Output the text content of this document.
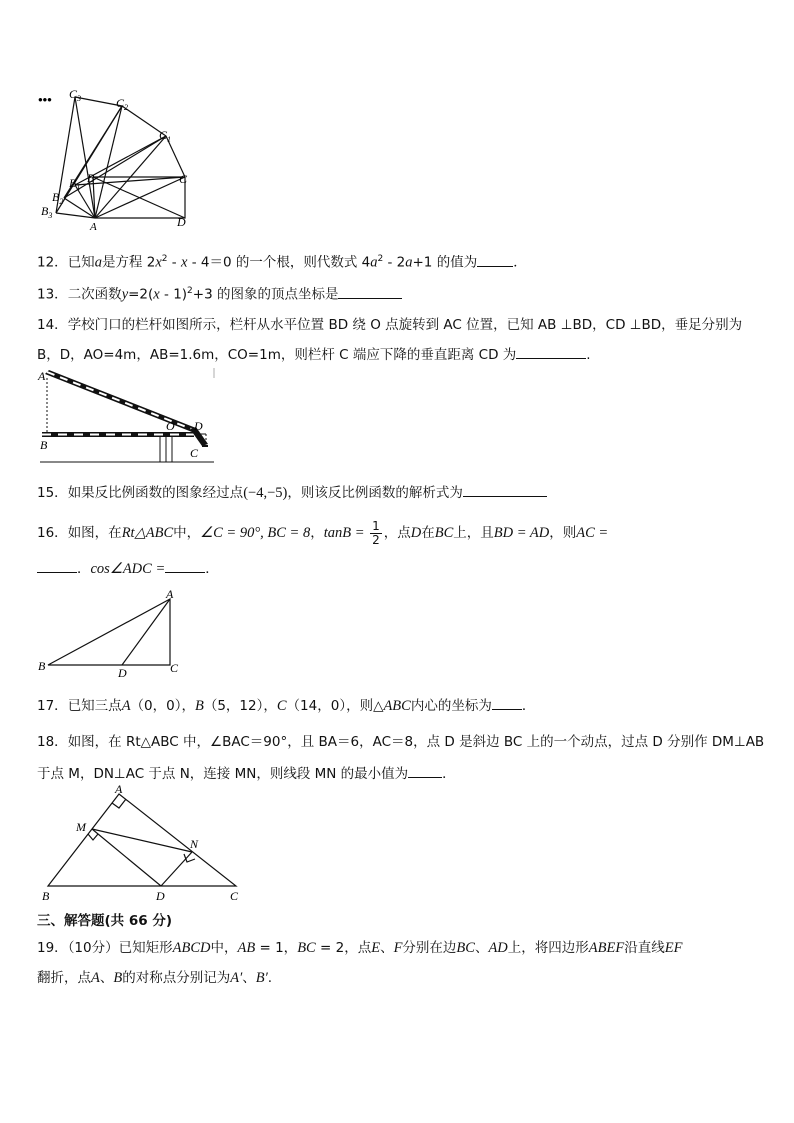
••• $C_3$	$C_2$
$C_1$
C
B
$B_1$
$B_2$
$B_3$
A	D
12．已知a是方程 $2x^2 - x - 4=0$ 的一个根，则代数式 $4a^2 - 2a+1$ 的值为	．
13．二次函数y=2(x - 1)$^2$+3 的图象的顶点坐标是
14．学校门口的栏杆如图所示，栏杆从水平位置 BD 绕 O 点旋转到 AC 位置，已知 AB ⊥BD，CD ⊥BD，垂足分别为
B，D，AO=4m，AB=1.6m，CO=1m，则栏杆 C 端应下降的垂直距离 CD 为	.
A
B
O D
C
15．如果反比例函数的图象经过点(−4,−5)，则该反比例函数的解析式为
16．如图，在Rt△ABC中，∠C = 90°, BC = 8，$\tan B = \frac{1}{2}$ ，点D在BC上，且BD = AD，则AC =
．cos∠ADC =	．
A
B	D	C
17．已知三点A（0，0），B（5，12），C（14，0），则△ABC内心的坐标为 ．
18．如图，在 Rt△ABC 中，∠BAC＝90°，且 BA＝6，AC＝8，点 D 是斜边 BC 上的一个动点，过点 D 分别作 DM⊥AB
于点 M，DN⊥AC 于点 N，连接 MN，则线段 MN 的最小值为	．
A
M
N
B	D	C
三、解答题(共 66 分)
19．（10分）已知矩形ABCD中，AB = 1，BC = 2，点E、F分别在边BC、AD上，将四边形ABEF沿直线EF
翻折，点A、B的对称点分别记为A′、B′.
